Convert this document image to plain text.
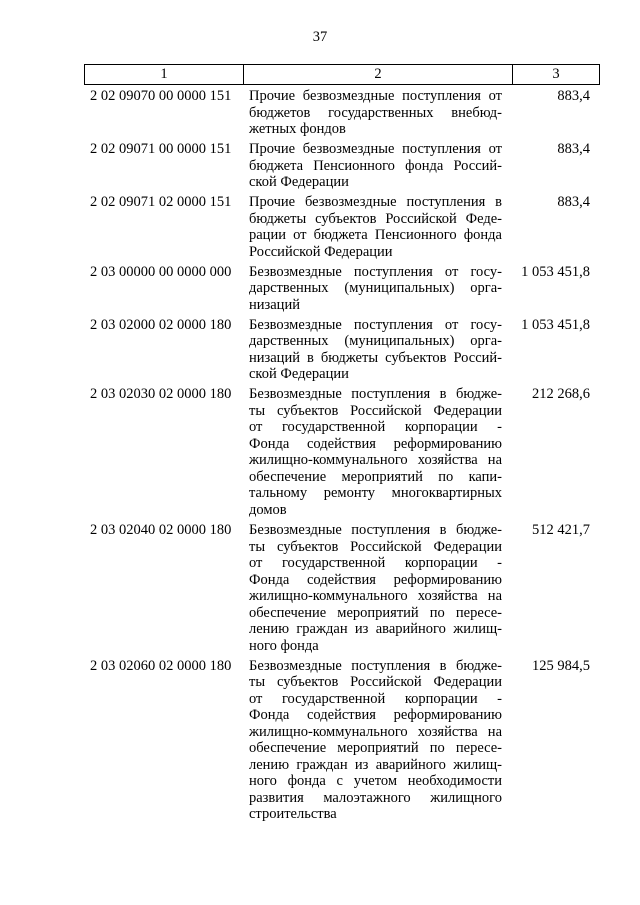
37
1	2	3
2 02 09070 00 0000 151	Прочие безвозмездные поступления от
бюджетов государственных внебюд-
жетных фондов
883,4
2 02 09071 00 0000 151	Прочие безвозмездные поступления от
бюджета Пенсионного фонда Россий-
ской Федерации
883,4
2 02 09071 02 0000 151	Прочие безвозмездные поступления в
бюджеты субъектов Российской Феде-
рации от бюджета Пенсионного фонда
Российской Федерации
883,4
2 03 00000 00 0000 000	Безвозмездные поступления от госу-
дарственных (муниципальных) орга-
низаций
1 053 451,8
2 03 02000 02 0000 180	Безвозмездные поступления от госу-
дарственных (муниципальных) орга-
низаций в бюджеты субъектов Россий-
ской Федерации
1 053 451,8
2 03 02030 02 0000 180	Безвозмездные поступления в бюдже-
ты субъектов Российской Федерации
от государственной корпорации -
Фонда содействия реформированию
жилищно-коммунального хозяйства на
обеспечение мероприятий по капи-
тальному ремонту многоквартирных
домов
212 268,6
2 03 02040 02 0000 180	Безвозмездные поступления в бюдже-
ты субъектов Российской Федерации
от государственной корпорации -
Фонда содействия реформированию
жилищно-коммунального хозяйства на
обеспечение мероприятий по пересе-
лению граждан из аварийного жилищ-
ного фонда
512 421,7
2 03 02060 02 0000 180	Безвозмездные поступления в бюдже-
ты субъектов Российской Федерации
от государственной корпорации -
Фонда содействия реформированию
жилищно-коммунального хозяйства на
обеспечение мероприятий по пересе-
лению граждан из аварийного жилищ-
ного фонда с учетом необходимости
развития малоэтажного жилищного
строительства
125 984,5
